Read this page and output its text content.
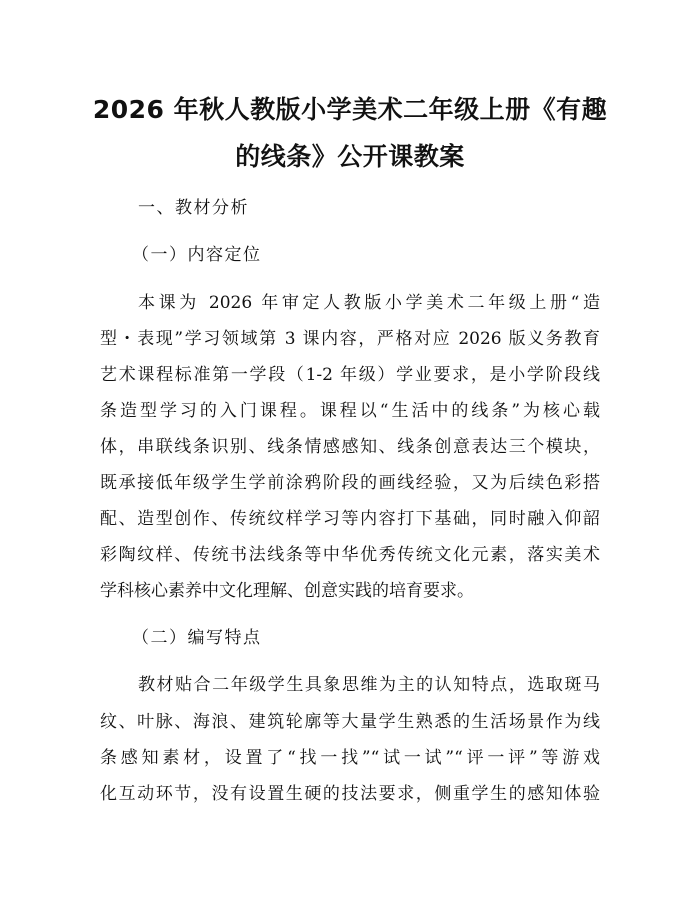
2026 年秋人教版小学美术二年级上册《有趣
的线条》公开课教案
一、教材分析
（一）内容定位
本课为 2026 年审定人教版小学美术二年级上册“造
型・表现”学习领域第 3 课内容，严格对应 2026 版义务教育
艺术课程标准第一学段（1-2 年级）学业要求，是小学阶段线
条造型学习的入门课程。课程以“生活中的线条”为核心载
体，串联线条识别、线条情感感知、线条创意表达三个模块，
既承接低年级学生学前涂鸦阶段的画线经验，又为后续色彩搭
配、造型创作、传统纹样学习等内容打下基础，同时融入仰韶
彩陶纹样、传统书法线条等中华优秀传统文化元素，落实美术
学科核心素养中文化理解、创意实践的培育要求。
（二）编写特点
教材贴合二年级学生具象思维为主的认知特点，选取斑马
纹、叶脉、海浪、建筑轮廓等大量学生熟悉的生活场景作为线
条感知素材，设置了“找一找”“试一试”“评一评”等游戏
化互动环节，没有设置生硬的技法要求，侧重学生的感知体验
